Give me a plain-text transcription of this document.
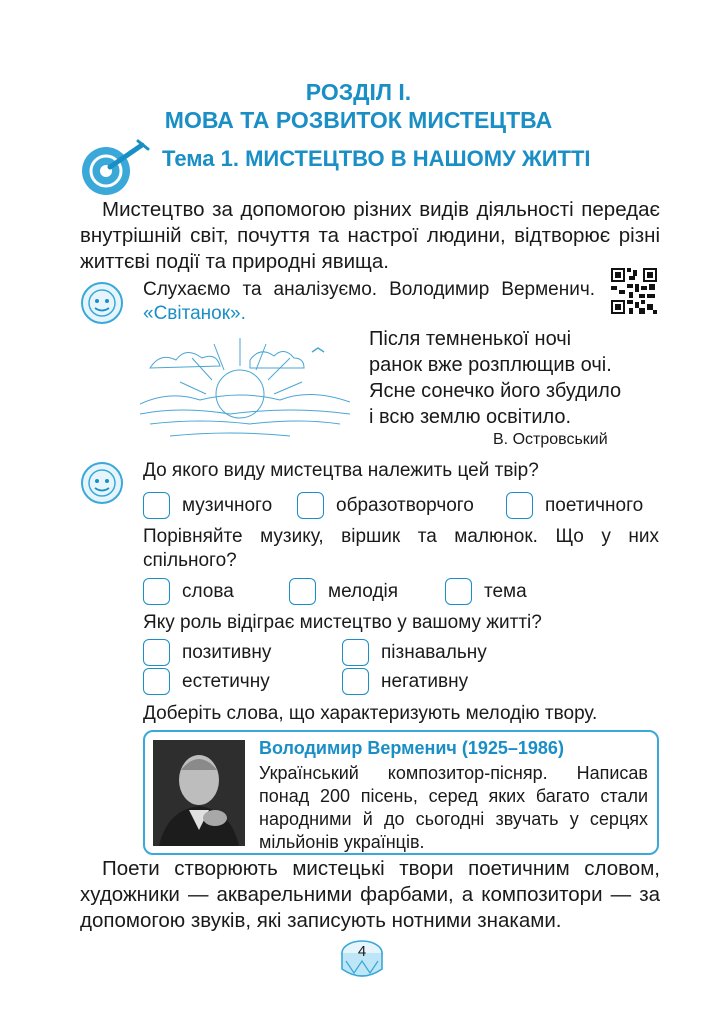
РОЗДІЛ І.
МОВА ТА РОЗВИТОК МИСТЕЦТВА
Тема 1. МИСТЕЦТВО В НАШОМУ ЖИТТІ
Мистецтво за допомогою різних видів діяльності передає внутрішній світ, почуття та настрої людини, відтворює різні життєві події та природні явища.
Слухаємо та аналізуємо. Володимир Верменич. «Світанок».
Після темненької ночі
ранок вже розплющив очі.
Ясне сонечко його збудило
і всю землю освітило.
В. Островський
До якого виду мистецтва належить цей твір?
музичного	образотворчого	поетичного
Порівняйте музику, віршик та малюнок. Що у них спільного?
слова	мелодія	тема
Яку роль відіграє мистецтво у вашому житті?
позитивну	пізнавальну
естетичну	негативну
Доберіть слова, що характеризують мелодію твору.
Володимир Верменич (1925–1986)
Український композитор-пісняр. Написав понад 200 пісень, серед яких багато стали народними й до сьогодні звучать у серцях мільйонів українців.
Поети створюють мистецькі твори поетичним словом, художники — акварельними фарбами, а композитори — за допомогою звуків, які записують нотними знаками.
4
